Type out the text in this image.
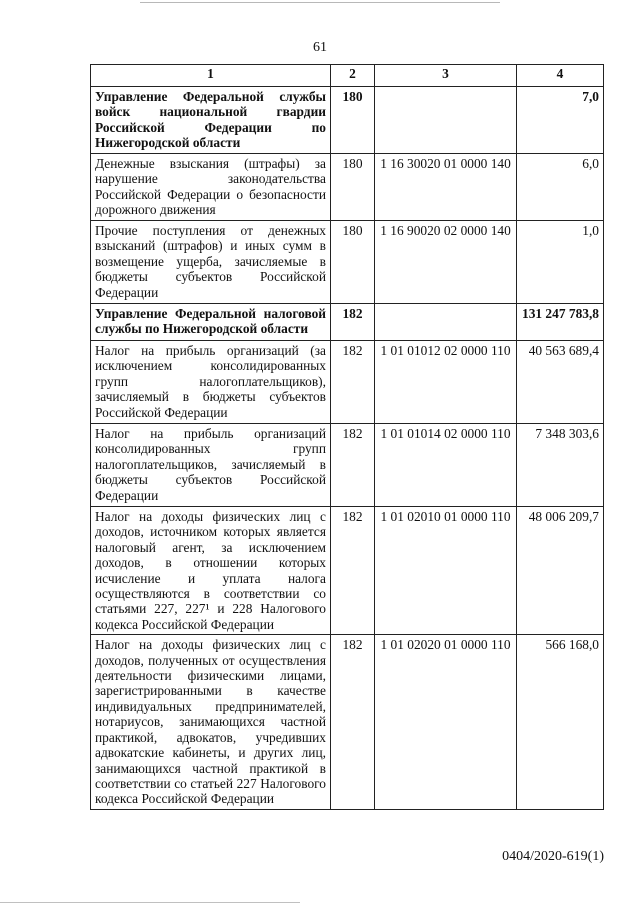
61
1	2	3	4
Управление Федеральной службы войск национальной гвардии Российской Федерации по Нижегородской области	180		7,0
Денежные взыскания (штрафы) за нарушение законодательства Российской Федерации о безопасности дорожного движения	180	1 16 30020 01 0000 140	6,0
Прочие поступления от денежных взысканий (штрафов) и иных сумм в возмещение ущерба, зачисляемые в бюджеты субъектов Российской Федерации	180	1 16 90020 02 0000 140	1,0
Управление Федеральной налоговой службы по Нижегородской области	182		131 247 783,8
Налог на прибыль организаций (за исключением консолидированных групп налогоплательщиков), зачисляемый в бюджеты субъектов Российской Федерации	182	1 01 01012 02 0000 110	40 563 689,4
Налог на прибыль организаций консолидированных групп налогоплательщиков, зачисляемый в бюджеты субъектов Российской Федерации	182	1 01 01014 02 0000 110	7 348 303,6
Налог на доходы физических лиц с доходов, источником которых является налоговый агент, за исключением доходов, в отношении которых исчисление и уплата налога осуществляются в соответствии со статьями 227, 227¹ и 228 Налогового кодекса Российской Федерации	182	1 01 02010 01 0000 110	48 006 209,7
Налог на доходы физических лиц с доходов, полученных от осуществления деятельности физическими лицами, зарегистрированными в качестве индивидуальных предпринимателей, нотариусов, занимающихся частной практикой, адвокатов, учредивших адвокатские кабинеты, и других лиц, занимающихся частной практикой в соответствии со статьей 227 Налогового кодекса Российской Федерации	182	1 01 02020 01 0000 110	566 168,0
0404/2020-619(1)
